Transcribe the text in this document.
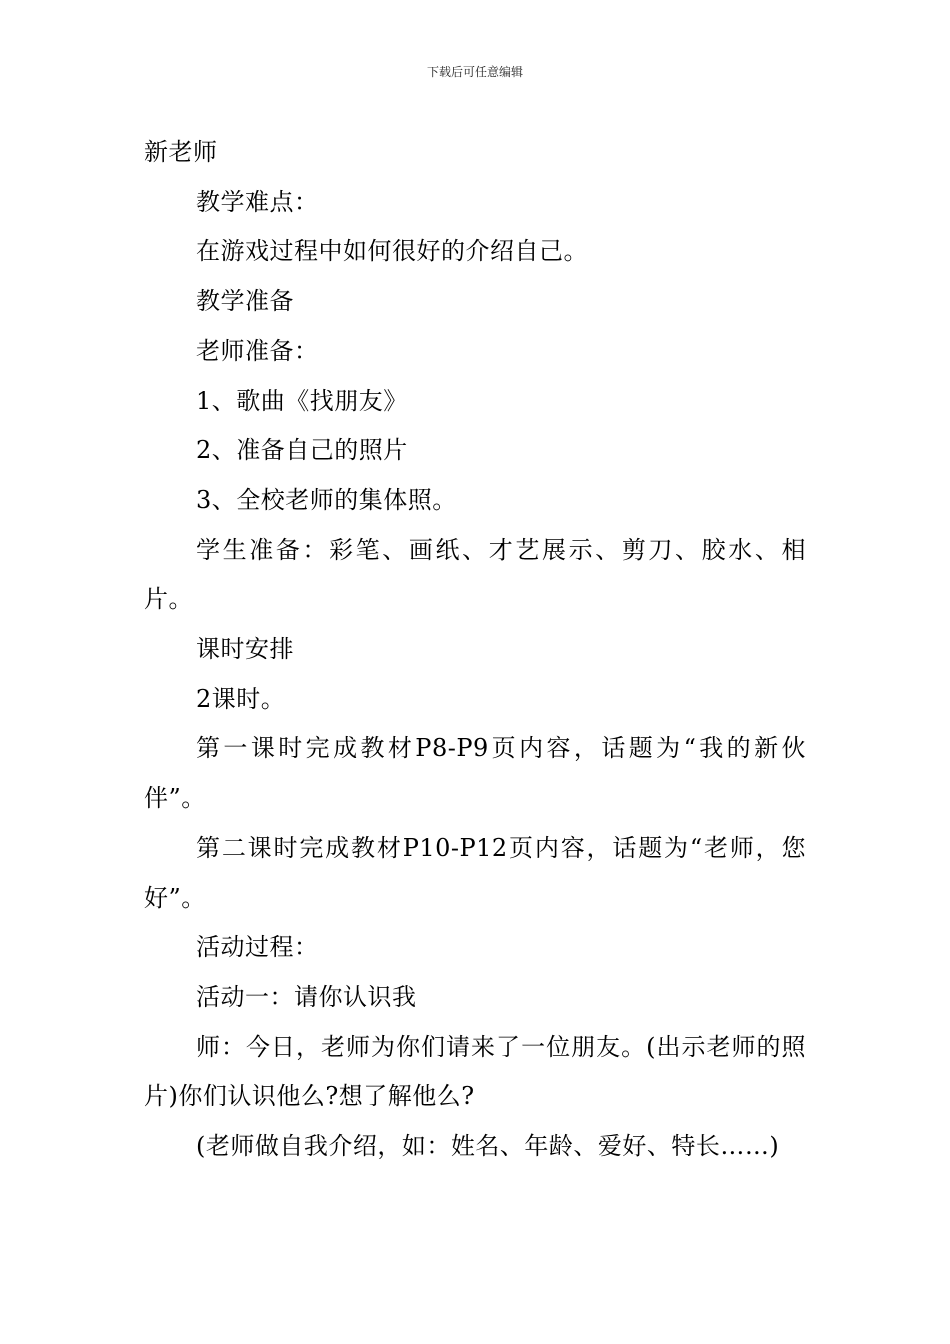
下载后可任意编辑

新老师

教学难点：

在游戏过程中如何很好的介绍自己。

教学准备

老师准备：

1、歌曲《找朋友》

2、准备自己的照片

3、全校老师的集体照。

学生准备：彩笔、画纸、才艺展示、剪刀、胶水、相片。

课时安排

2课时。

第一课时完成教材P8-P9页内容，话题为“我的新伙伴”。

第二课时完成教材P10-P12页内容，话题为“老师，您好”。

活动过程：

活动一：请你认识我

师：今日，老师为你们请来了一位朋友。(出示老师的照片)你们认识他么?想了解他么?

(老师做自我介绍，如：姓名、年龄、爱好、特长……)
